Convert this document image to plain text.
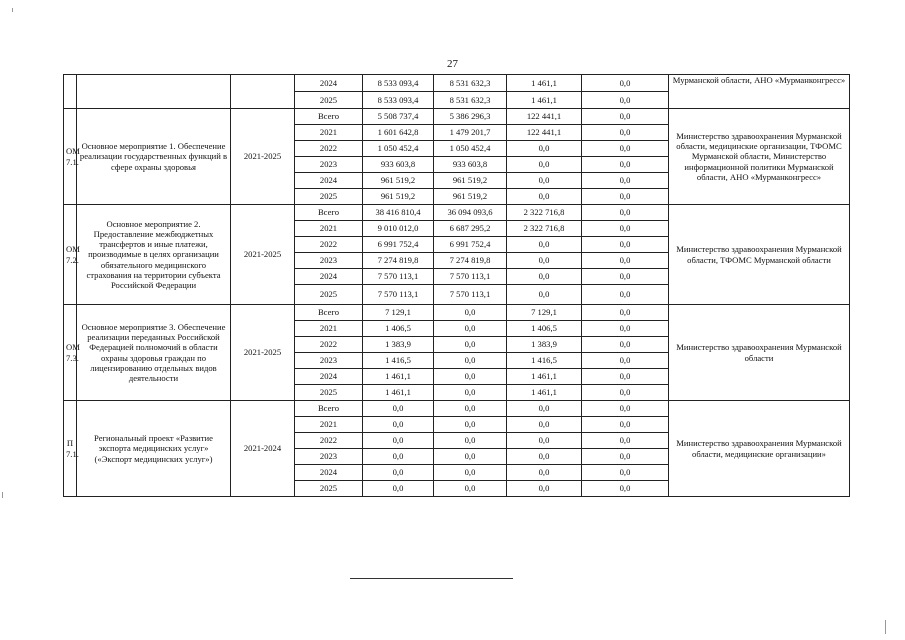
27
			2024	8 533 093,4	8 531 632,3	1 461,1	0,0	Мурманской области, АНО «Мурманконгресс»
			2025	8 533 093,4	8 531 632,3	1 461,1	0,0	
ОМ 7.1.	Основное мероприятие 1. Обеспечение реализации государственных функций в сфере охраны здоровья	2021-2025	Всего	5 508 737,4	5 386 296,3	122 441,1	0,0	Министерство здравоохранения Мурманской области, медицинские организации, ТФОМС Мурманской области, Министерство информационной политики Мурманской области, АНО «Мурманконгресс»
			2021	1 601 642,8	1 479 201,7	122 441,1	0,0	
			2022	1 050 452,4	1 050 452,4	0,0	0,0	
			2023	933 603,8	933 603,8	0,0	0,0	
			2024	961 519,2	961 519,2	0,0	0,0	
			2025	961 519,2	961 519,2	0,0	0,0	
ОМ 7.2.	Основное мероприятие 2. Предоставление межбюджетных трансфертов и иные платежи, производимые в целях организации обязательного медицинского страхования на территории субъекта Российской Федерации	2021-2025	Всего	38 416 810,4	36 094 093,6	2 322 716,8	0,0	Министерство здравоохранения Мурманской области, ТФОМС Мурманской области
			2021	9 010 012,0	6 687 295,2	2 322 716,8	0,0	
			2022	6 991 752,4	6 991 752,4	0,0	0,0	
			2023	7 274 819,8	7 274 819,8	0,0	0,0	
			2024	7 570 113,1	7 570 113,1	0,0	0,0	
			2025	7 570 113,1	7 570 113,1	0,0	0,0	
ОМ 7.3.	Основное мероприятие 3. Обеспечение реализации переданных Российской Федерацией полномочий в области охраны здоровья граждан по лицензированию отдельных видов деятельности	2021-2025	Всего	7 129,1	0,0	7 129,1	0,0	Министерство здравоохранения Мурманской области
			2021	1 406,5	0,0	1 406,5	0,0	
			2022	1 383,9	0,0	1 383,9	0,0	
			2023	1 416,5	0,0	1 416,5	0,0	
			2024	1 461,1	0,0	1 461,1	0,0	
			2025	1 461,1	0,0	1 461,1	0,0	
П 7.1.	Региональный проект «Развитие экспорта медицинских услуг» («Экспорт медицинских услуг»)	2021-2024	Всего	0,0	0,0	0,0	0,0	Министерство здравоохранения Мурманской области, медицинские организации»
			2021	0,0	0,0	0,0	0,0	
			2022	0,0	0,0	0,0	0,0	
			2023	0,0	0,0	0,0	0,0	
			2024	0,0	0,0	0,0	0,0	
			2025	0,0	0,0	0,0	0,0	
